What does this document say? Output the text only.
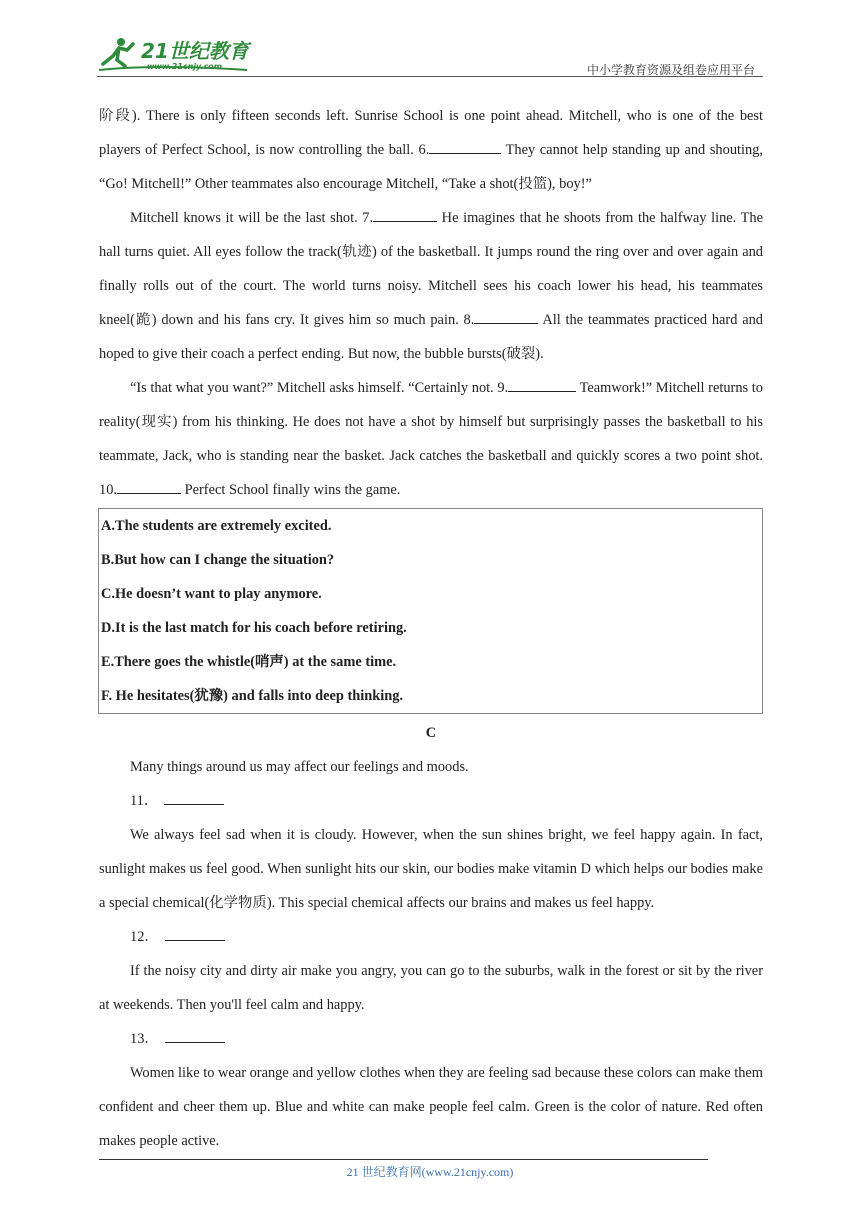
21世纪教育
www.21cnjy.com	中小学教育资源及组卷应用平台

阶段). There is only fifteen seconds left. Sunrise School is one point ahead. Mitchell, who is one of the best players of Perfect School, is now controlling the ball. 6.	They cannot help standing up and shouting, “Go! Mitchell!” Other teammates also encourage Mitchell, “Take a shot(投篮), boy!”

Mitchell knows it will be the last shot. 7.	He imagines that he shoots from the halfway line. The hall turns quiet. All eyes follow the track(轨迹) of the basketball. It jumps round the ring over and over again and finally rolls out of the court. The world turns noisy. Mitchell sees his coach lower his head, his teammates kneel(跪) down and his fans cry. It gives him so much pain. 8.	All the teammates practiced hard and hoped to give their coach a perfect ending. But now, the bubble bursts(破裂).

“Is that what you want?” Mitchell asks himself. “Certainly not. 9.	Teamwork!” Mitchell returns to reality(现实) from his thinking. He does not have a shot by himself but surprisingly passes the basketball to his teammate, Jack, who is standing near the basket. Jack catches the basketball and quickly scores a two point shot. 10.	Perfect School finally wins the game.

A.The students are extremely excited.
B.But how can I change the situation?
C.He doesn’t want to play anymore.
D.It is the last match for his coach before retiring.
E.There goes the whistle(哨声) at the same time.
F. He hesitates(犹豫) and falls into deep thinking.
C

Many things around us may affect our feelings and moods.

11．

We always feel sad when it is cloudy. However, when the sun shines bright, we feel happy again. In fact, sunlight makes us feel good. When sunlight hits our skin, our bodies make vitamin D which helps our bodies make a special chemical(化学物质). This special chemical affects our brains and makes us feel happy.

12．

If the noisy city and dirty air make you angry, you can go to the suburbs, walk in the forest or sit by the river at weekends. Then you'll feel calm and happy.

13．

Women like to wear orange and yellow clothes when they are feeling sad because these colors can make them confident and cheer them up. Blue and white can make people feel calm. Green is the color of nature. Red often makes people active.

21 世纪教育网(www.21cnjy.com)
